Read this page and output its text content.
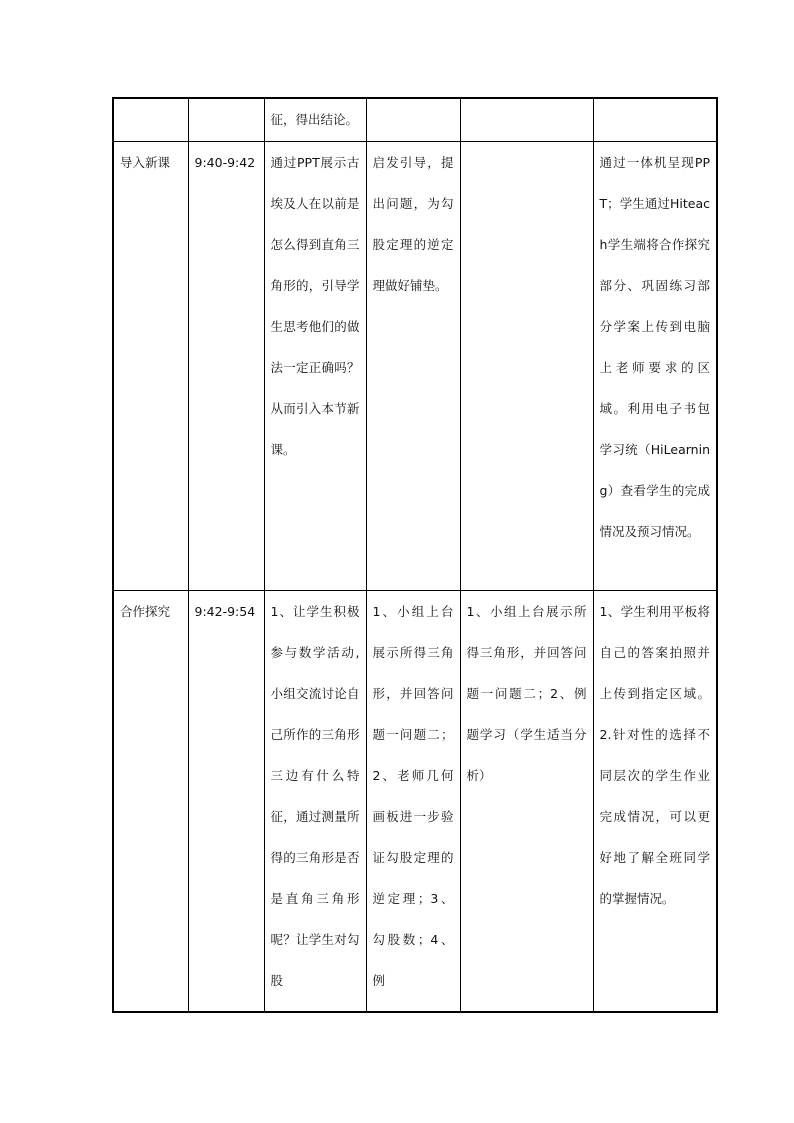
		征，得出结论。			
导入新课	9:40-9:42	通过PPT展示古埃及人在以前是怎么得到直角三角形的，引导学生思考他们的做法一定正确吗？从而引入本节新课。	启发引导，提出问题，为勾股定理的逆定理做好铺垫。		通过一体机呈现PPT；学生通过Hiteach学生端将合作探究部分、巩固练习部分学案上传到电脑上老师要求的区域。利用电子书包学习统（HiLearning）查看学生的完成情况及预习情况。
合作探究	9:42-9:54	1、让学生积极参与数学活动,小组交流讨论自己所作的三角形三边有什么特征，通过测量所得的三角形是否是直角三角形呢？让学生对勾股	1、小组上台展示所得三角形，并回答问题一问题二；2、老师几何画板进一步验证勾股定理的逆定理；3、勾股数；4、例	1、小组上台展示所得三角形，并回答问题一问题二；2、例题学习（学生适当分析）	1、学生利用平板将自己的答案拍照并上传到指定区域。2.针对性的选择不同层次的学生作业完成情况，可以更好地了解全班同学的掌握情况。
